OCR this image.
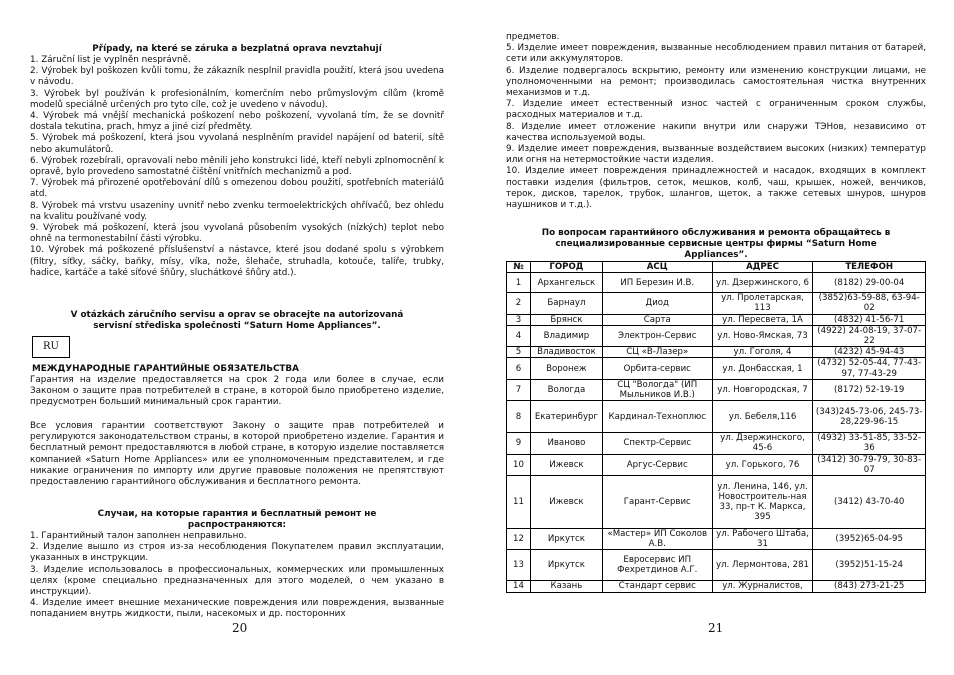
Případy, na které se záruka a bezplatná oprava nevztahují

1. Záruční list je vyplněn nesprávně.

2. Výrobek byl poškozen kvůli tomu, že zákazník nesplnil pravidla použití, která jsou uvedena v návodu.

3. Výrobek byl používán k profesionálním, komerčním nebo průmyslovým cílům (kromě modelů speciálně určených pro tyto cíle, což je uvedeno v návodu).

4. Výrobek má vnější mechanická poškození nebo poškození, vyvolaná tím, že se dovnitř dostala tekutina, prach, hmyz a jiné cizí předměty.

5. Výrobek má poškození, která jsou vyvolaná nesplněním pravidel napájení od baterií, sítě nebo akumulátorů.

6. Výrobek rozebírali, opravovali nebo měnili jeho konstrukci lidé, kteří nebyli zplnomocnění k opravě, bylo provedeno samostatné čištění vnitřních mechanizmů a pod.

7. Výrobek má přirozené opotřebování dílů s omezenou dobou použití, spotřebních materiálů atd.

8. Výrobek má vrstvu usazeniny uvnitř nebo zvenku termoelektrických ohřívačů, bez ohledu na kvalitu používané vody.

9. Výrobek má poškození, která jsou vyvolaná působením vysokých (nízkých) teplot nebo ohně na termonestabilní části výrobku.

10. Výrobek má poškozené příslušenství a nástavce, které jsou dodané spolu s výrobkem (filtry, síťky, sáčky, baňky, mísy, víka, nože, šlehače, struhadla, kotoučе, talíře, trubky, hadice, kartáče a také síťové šňůry, sluchátkové šňůry atd.).

V otázkách záručního servisu a oprav se obracejte na autorizovaná servisní střediska společnosti “Saturn Home Appliances”.

МЕЖДУНАРОДНЫЕ ГАРАНТИЙНЫЕ ОБЯЗАТЕЛЬСТВА

Гарантия на изделие предоставляется на срок 2 года или более в случае, если Законом о защите прав потребителей в стране, в которой было приобретено изделие, предусмотрен больший минимальный срок гарантии.

Все условия гарантии соответствуют Закону о защите прав потребителей и регулируются законодательством страны, в которой приобретено изделие. Гарантия и бесплатный ремонт предоставляются в любой стране, в которую изделие поставляется компанией «Saturn Home Appliances» или ее уполномоченным представителем, и где никакие ограничения по импорту или другие правовые положения не препятствуют предоставлению гарантийного обслуживания и бесплатного ремонта.

Случаи, на которые гарантия и бесплатный ремонт не распространяются:

1. Гарантийный талон заполнен неправильно.

2. Изделие вышло из строя из-за несоблюдения Покупателем правил эксплуатации, указанных в инструкции.

3. Изделие использовалось в профессиональных, коммерческих или промышленных целях (кроме специально предназначенных для этого моделей, о чем указано в инструкции).

4. Изделие имеет внешние механические повреждения или повреждения, вызванные попаданием внутрь жидкости, пыли, насекомых и др. посторонних

RU
20

предметов.

5. Изделие имеет повреждения, вызванные несоблюдением правил питания от батарей, сети или аккумуляторов.

6. Изделие подвергалось вскрытию, ремонту или изменению конструкции лицами, не уполномоченными на ремонт; производилась самостоятельная чистка внутренних механизмов и т.д.

7. Изделие имеет естественный износ частей с ограниченным сроком службы, расходных материалов и т.д.

8. Изделие имеет отложение накипи внутри или снаружи ТЭНов, независимо от качества используемой воды.

9. Изделие имеет повреждения, вызванные воздействием высоких (низких) температур или огня на нетермостойкие части изделия.

10. Изделие имеет повреждения принадлежностей и насадок, входящих в комплект поставки изделия (фильтров, сеток, мешков, колб, чаш, крышек, ножей, венчиков, терок, дисков, тарелок, трубок, шлангов, щеток, а также сетевых шнуров, шнуров наушников и т.д.).

По вопросам гарантийного обслуживания и ремонта обращайтесь в специализированные сервисные центры фирмы “Saturn Home Appliances”.

№	ГОРОД	АСЦ	АДРЕС	ТЕЛЕФОН
1	Архангельск	ИП Березин И.В.	ул. Дзержинского, 6	(8182) 29-00-04
2	Барнаул	Диод	ул. Пролетарская, 113	(3852)63-59-88, 63-94-02
3	Брянск	Сарта	ул. Пересвета, 1А	(4832) 41-56-71
4	Владимир	Электрон-Сервис	ул. Ново-Ямская, 73	(4922) 24-08-19, 37-07-22
5	Владивосток	СЦ «В-Лазер»	ул. Гоголя, 4	(4232) 45-94-43
6	Воронеж	Орбита-сервис	ул. Донбасская, 1	(4732) 52-05-44, 77-43-97, 77-43-29
7	Вологда	СЦ "Вологда" (ИП Мыльников И.В.)	ул. Новгородская, 7	(8172) 52-19-19
8	Екатеринбург	Кардинал-Технoплюс	ул. Бебеля,116	(343)245-73-06, 245-73-28,229-96-15
9	Иваново	Спектр-Сервис	ул. Дзержинского, 45-6	(4932) 33-51-85, 33-52-36
10	Ижевск	Аргус-Сервис	ул. Горького, 76	(3412) 30-79-79, 30-83-07
11	Ижевск	Гарант-Сервис	ул. Ленина, 146, ул. Новостроитель-ная 33, пр-т К. Маркса, 395	(3412) 43-70-40
12	Иркутск	«Мастер» ИП Соколов А.В.	ул. Рабочего Штаба, 31	(3952)65-04-95
13	Иркутск	Евросервис ИП Фехретдинов А.Г.	ул. Лермонтова, 281	(3952)51-15-24
14	Казань	Стандарт сервис	ул. Журналистов,	(843) 273-21-25
21
